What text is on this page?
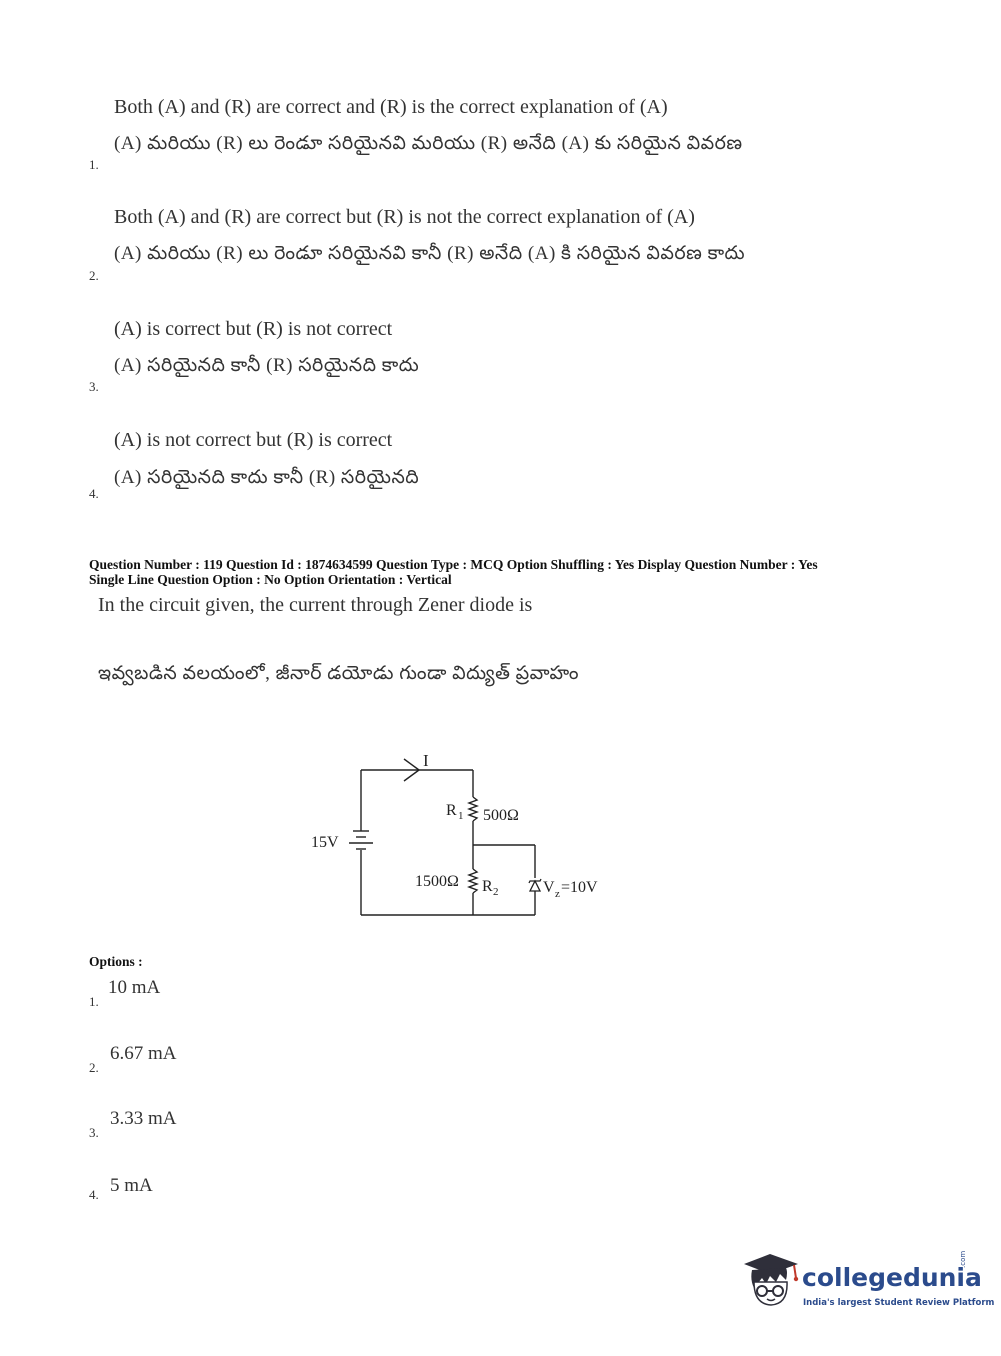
Both (A) and (R) are correct and (R) is the correct explanation of (A)
(A) మరియు (R) లు రెండూ సరియైనవి మరియు (R) అనేది (A) కు సరియైన వివరణ
1.
Both (A) and (R) are correct but (R) is not the correct explanation of (A)
(A) మరియు (R) లు రెండూ సరియైనవి కానీ (R) అనేది (A) కి సరియైన వివరణ కాదు
2.
(A) is correct but (R) is not correct
(A) సరియైనది కానీ (R) సరియైనది కాదు
3.
(A) is not correct but (R) is correct
(A) సరియైనది కాదు కానీ (R) సరియైనది
4.
Question Number : 119 Question Id : 1874634599 Question Type : MCQ Option Shuffling : Yes Display Question Number : Yes
Single Line Question Option : No Option Orientation : Vertical
In the circuit given, the current through Zener diode is
ఇవ్వబడిన వలయంలో, జీనార్ డయోడు గుండా విద్యుత్ ప్రవాహం
I
R 1 500Ω
15V
1500Ω R 2	V z =10V
Options :
10 mA
1.
6.67 mA
2.
3.33 mA
3.
5 mA
4.
collegedunia
.com
India's largest Student Review Platform
